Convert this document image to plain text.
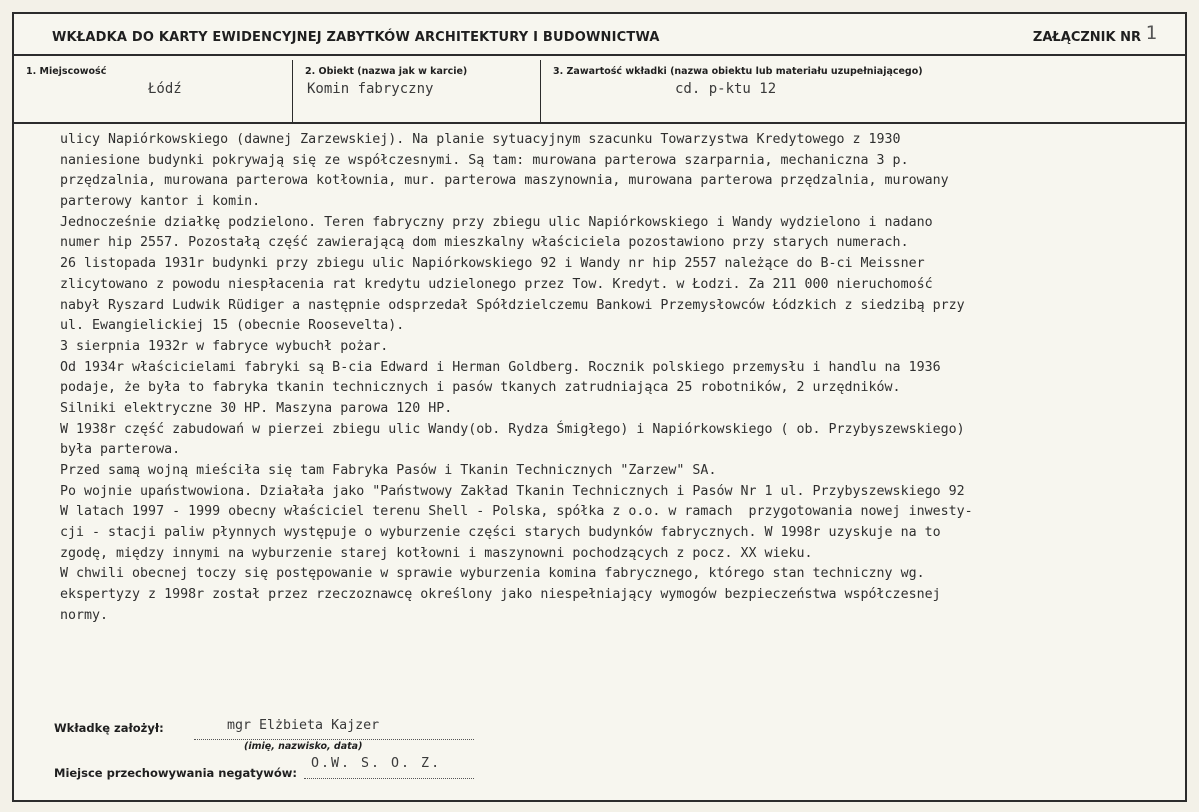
WKŁADKA DO KARTY EWIDENCYJNEJ ZABYTKÓW ARCHITEKTURY I BUDOWNICTWA	ZAŁĄCZNIK NR 1
1. Miejscowość
Łódź
2. Obiekt (nazwa jak w karcie)
Komin fabryczny
3. Zawartość wkładki (nazwa obiektu lub materiału uzupełniającego)
cd. p-ktu 12
ulicy Napiórkowskiego (dawnej Zarzewskiej). Na planie sytuacyjnym szacunku Towarzystwa Kredytowego z 1930
naniesione budynki pokrywają się ze współczesnymi. Są tam: murowana parterowa szarparnia, mechaniczna 3 p.
przędzalnia, murowana parterowa kotłownia, mur. parterowa maszynownia, murowana parterowa przędzalnia, murowany
parterowy kantor i komin.
Jednocześnie działkę podzielono. Teren fabryczny przy zbiegu ulic Napiórkowskiego i Wandy wydzielono i nadano
numer hip 2557. Pozostałą część zawierającą dom mieszkalny właściciela pozostawiono przy starych numerach.
26 listopada 1931r budynki przy zbiegu ulic Napiórkowskiego 92 i Wandy nr hip 2557 należące do B-ci Meissner
zlicytowano z powodu niespłacenia rat kredytu udzielonego przez Tow. Kredyt. w Łodzi. Za 211 000 nieruchomość
nabył Ryszard Ludwik Rüdiger a następnie odsprzedał Spółdzielczemu Bankowi Przemysłowców Łódzkich z siedzibą przy
ul. Ewangielickiej 15 (obecnie Roosevelta).
3 sierpnia 1932r w fabryce wybuchł pożar.
Od 1934r właścicielami fabryki są B-cia Edward i Herman Goldberg. Rocznik polskiego przemysłu i handlu na 1936
podaje, że była to fabryka tkanin technicznych i pasów tkanych zatrudniająca 25 robotników, 2 urzędników.
Silniki elektryczne 30 HP. Maszyna parowa 120 HP.
W 1938r część zabudowań w pierzei zbiegu ulic Wandy(ob. Rydza Śmigłego) i Napiórkowskiego ( ob. Przybyszewskiego)
była parterowa.
Przed samą wojną mieściła się tam Fabryka Pasów i Tkanin Technicznych "Zarzew" SA.
Po wojnie upaństwowiona. Działała jako "Państwowy Zakład Tkanin Technicznych i Pasów Nr 1 ul. Przybyszewskiego 92
W latach 1997 - 1999 obecny właściciel terenu Shell - Polska, spółka z o.o. w ramach  przygotowania nowej inwesty-
cji - stacji paliw płynnych występuje o wyburzenie części starych budynków fabrycznych. W 1998r uzyskuje na to
zgodę, między innymi na wyburzenie starej kotłowni i maszynowni pochodzących z pocz. XX wieku.
W chwili obecnej toczy się postępowanie w sprawie wyburzenia komina fabrycznego, którego stan techniczny wg.
ekspertyzy z 1998r został przez rzeczoznawcę określony jako niespełniający wymogów bezpieczeństwa współczesnej
normy.
Wkładkę założył:	mgr Elżbieta Kajzer
(imię, nazwisko, data)
Miejsce przechowywania negatywów:
O.W. S. O. Z.
